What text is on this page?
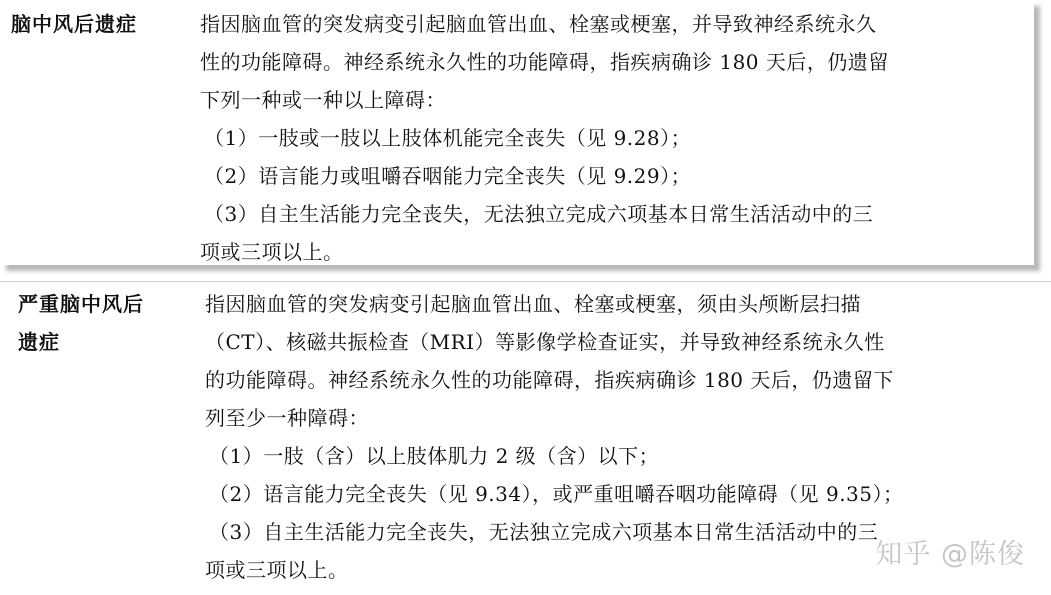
脑中风后遗症	指因脑血管的突发病变引起脑血管出血、栓塞或梗塞，并导致神经系统永久
性的功能障碍。神经系统永久性的功能障碍，指疾病确诊 180 天后，仍遗留
下列一种或一种以上障碍：
（1）一肢或一肢以上肢体机能完全丧失（见 9.28）；
（2）语言能力或咀嚼吞咽能力完全丧失（见 9.29）；
（3）自主生活能力完全丧失，无法独立完成六项基本日常生活活动中的三
项或三项以上。
严重脑中风后
遗症
指因脑血管的突发病变引起脑血管出血、栓塞或梗塞，须由头颅断层扫描
（CT）、核磁共振检查（MRI）等影像学检查证实，并导致神经系统永久性
的功能障碍。神经系统永久性的功能障碍，指疾病确诊 180 天后，仍遗留下
列至少一种障碍：
（1）一肢（含）以上肢体肌力 2 级（含）以下；
（2）语言能力完全丧失（见 9.34），或严重咀嚼吞咽功能障碍（见 9.35）；
（3）自主生活能力完全丧失，无法独立完成六项基本日常生活活动中的三
项或三项以上。	知乎 @陈俊
